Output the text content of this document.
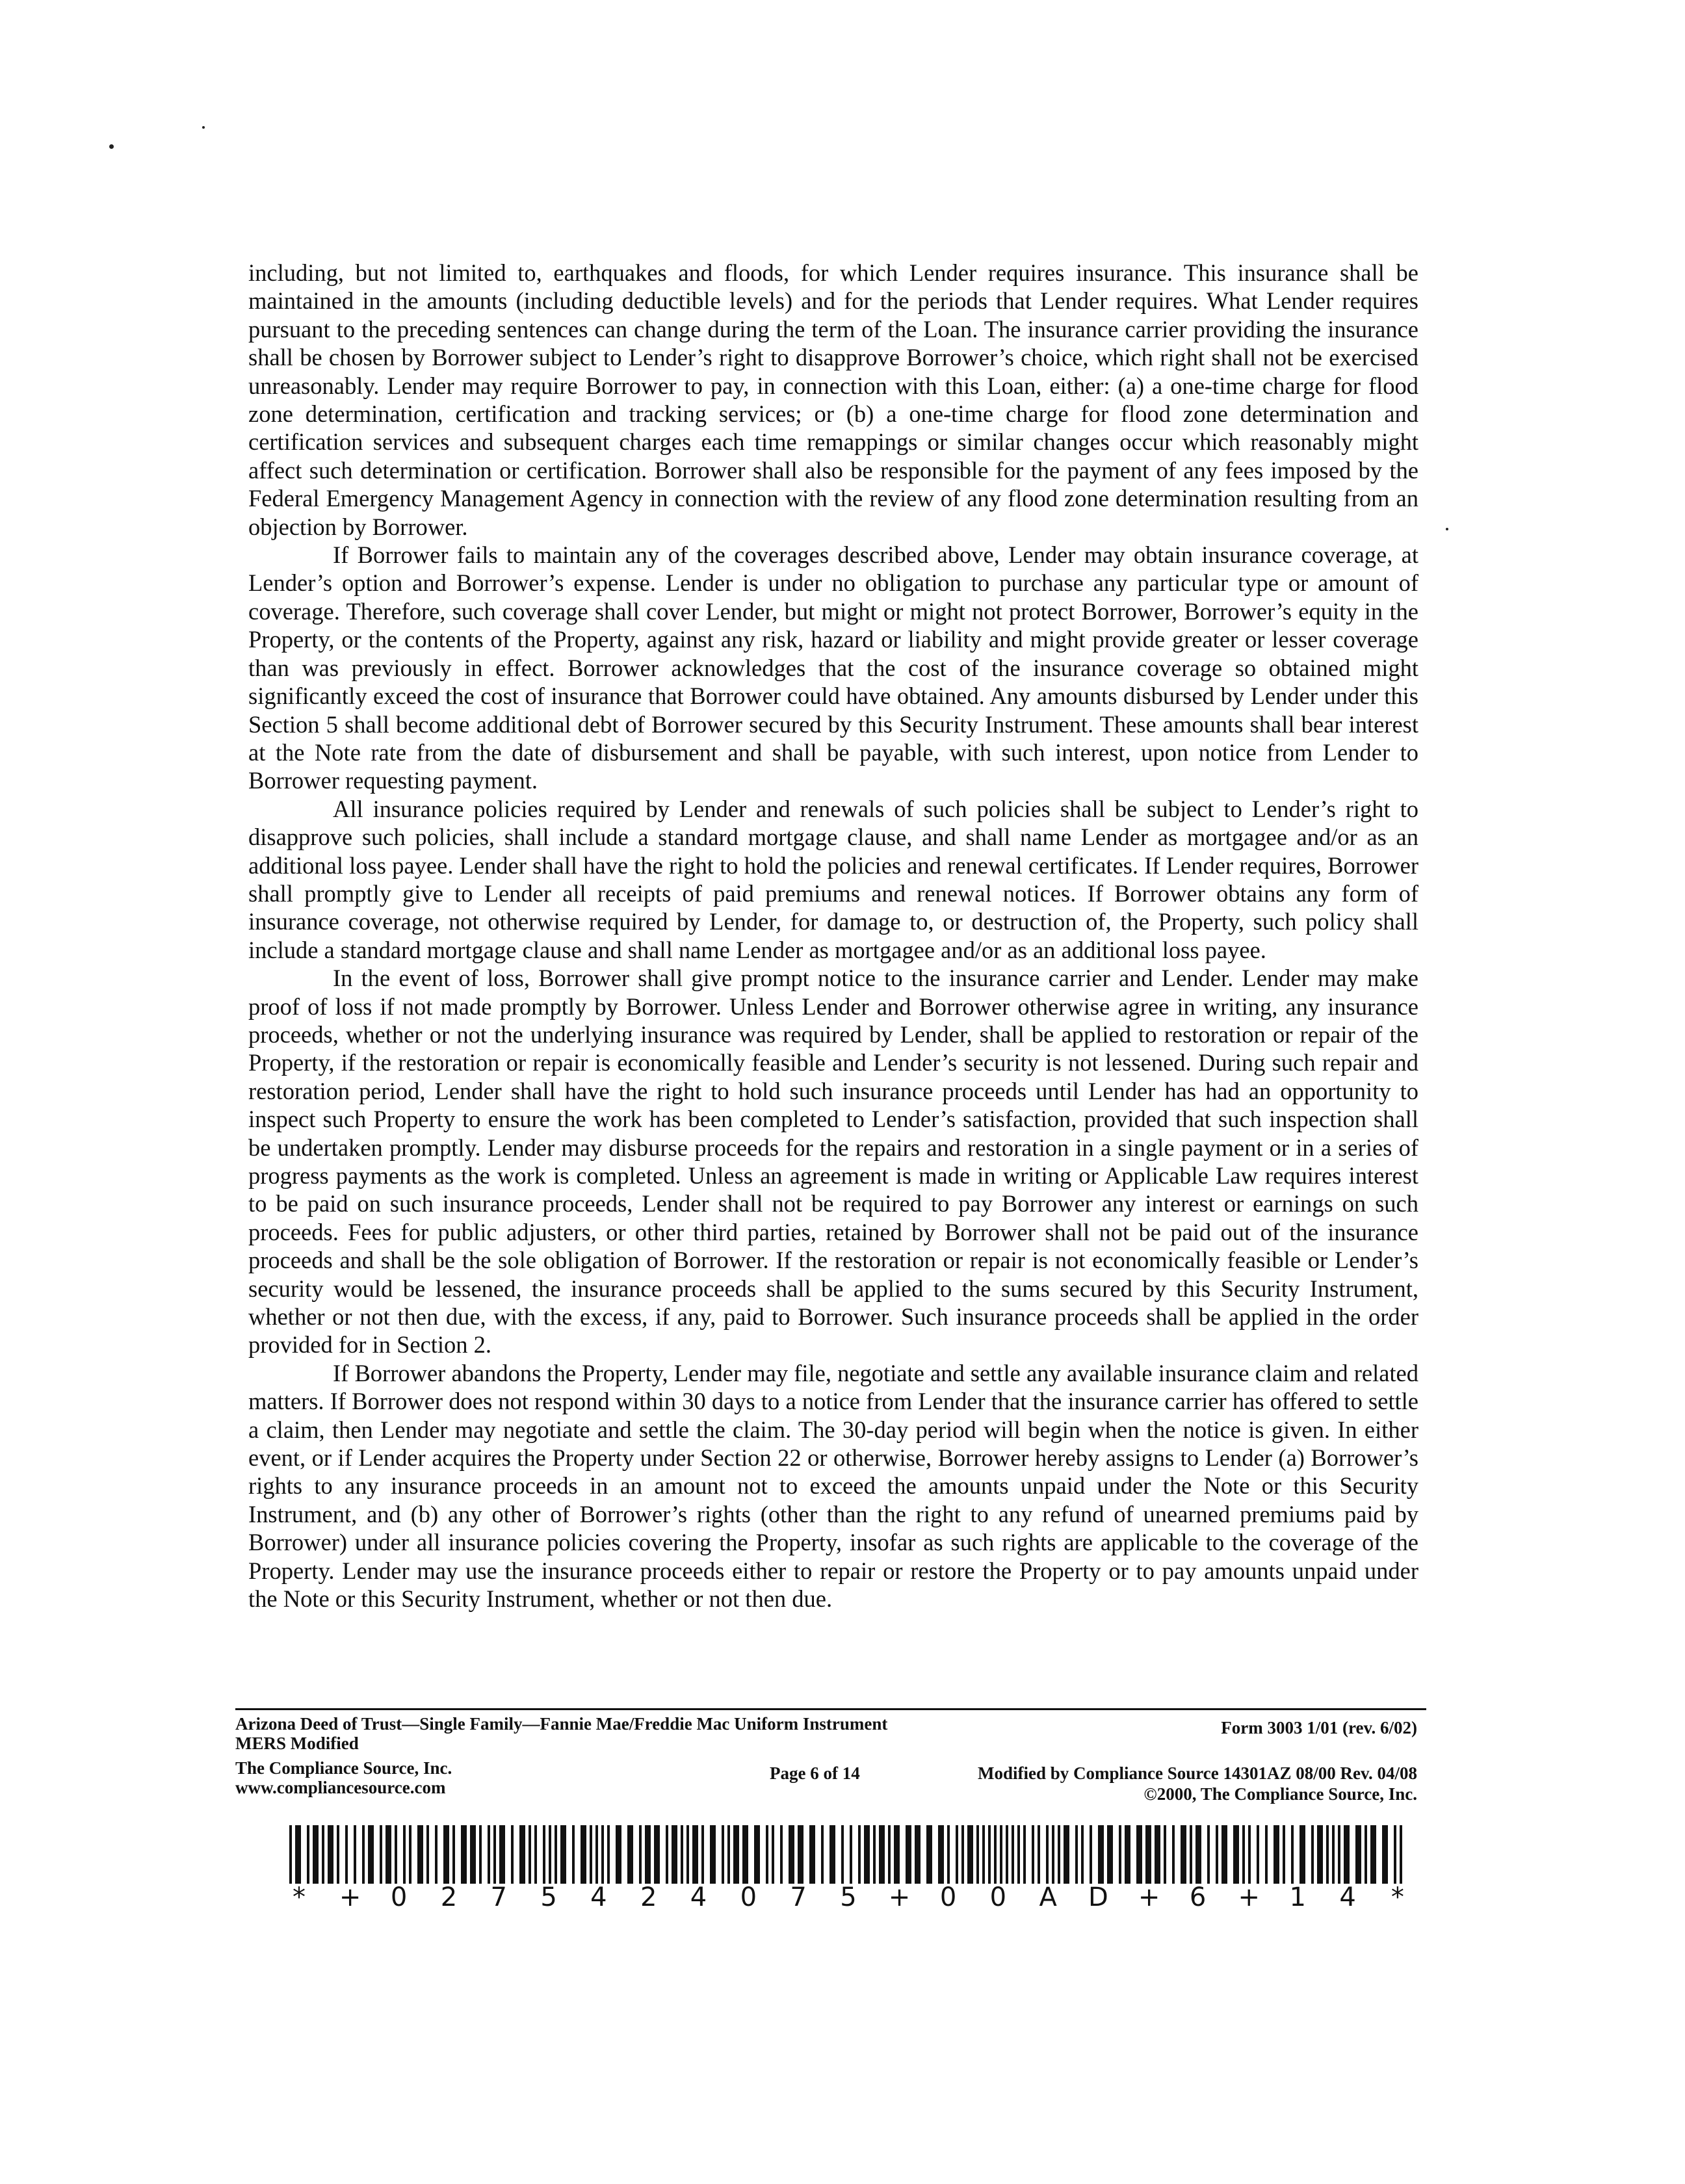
including, but not limited to, earthquakes and floods, for which Lender requires insurance. This insurance shall be maintained in the amounts (including deductible levels) and for the periods that Lender requires. What Lender requires pursuant to the preceding sentences can change during the term of the Loan. The insurance carrier providing the insurance shall be chosen by Borrower subject to Lender’s right to disapprove Borrower’s choice, which right shall not be exercised unreasonably. Lender may require Borrower to pay, in connection with this Loan, either: (a) a one-time charge for flood zone determination, certification and tracking services; or (b) a one-time charge for flood zone determination and certification services and subsequent charges each time remappings or similar changes occur which reasonably might affect such determination or certification. Borrower shall also be responsible for the payment of any fees imposed by the Federal Emergency Management Agency in connection with the review of any flood zone determination resulting from an objection by Borrower.

If Borrower fails to maintain any of the coverages described above, Lender may obtain insurance coverage, at Lender’s option and Borrower’s expense. Lender is under no obligation to purchase any particular type or amount of coverage. Therefore, such coverage shall cover Lender, but might or might not protect Borrower, Borrower’s equity in the Property, or the contents of the Property, against any risk, hazard or liability and might provide greater or lesser coverage than was previously in effect. Borrower acknowledges that the cost of the insurance coverage so obtained might significantly exceed the cost of insurance that Borrower could have obtained. Any amounts disbursed by Lender under this Section 5 shall become additional debt of Borrower secured by this Security Instrument. These amounts shall bear interest at the Note rate from the date of disbursement and shall be payable, with such interest, upon notice from Lender to Borrower requesting payment.

All insurance policies required by Lender and renewals of such policies shall be subject to Lender’s right to disapprove such policies, shall include a standard mortgage clause, and shall name Lender as mortgagee and/or as an additional loss payee. Lender shall have the right to hold the policies and renewal certificates. If Lender requires, Borrower shall promptly give to Lender all receipts of paid premiums and renewal notices. If Borrower obtains any form of insurance coverage, not otherwise required by Lender, for damage to, or destruction of, the Property, such policy shall include a standard mortgage clause and shall name Lender as mortgagee and/or as an additional loss payee.

In the event of loss, Borrower shall give prompt notice to the insurance carrier and Lender. Lender may make proof of loss if not made promptly by Borrower. Unless Lender and Borrower otherwise agree in writing, any insurance proceeds, whether or not the underlying insurance was required by Lender, shall be applied to restoration or repair of the Property, if the restoration or repair is economically feasible and Lender’s security is not lessened. During such repair and restoration period, Lender shall have the right to hold such insurance proceeds until Lender has had an opportunity to inspect such Property to ensure the work has been completed to Lender’s satisfaction, provided that such inspection shall be undertaken promptly. Lender may disburse proceeds for the repairs and restoration in a single payment or in a series of progress payments as the work is completed. Unless an agreement is made in writing or Applicable Law requires interest to be paid on such insurance proceeds, Lender shall not be required to pay Borrower any interest or earnings on such proceeds. Fees for public adjusters, or other third parties, retained by Borrower shall not be paid out of the insurance proceeds and shall be the sole obligation of Borrower. If the restoration or repair is not economically feasible or Lender’s security would be lessened, the insurance proceeds shall be applied to the sums secured by this Security Instrument, whether or not then due, with the excess, if any, paid to Borrower. Such insurance proceeds shall be applied in the order provided for in Section 2.

If Borrower abandons the Property, Lender may file, negotiate and settle any available insurance claim and related matters. If Borrower does not respond within 30 days to a notice from Lender that the insurance carrier has offered to settle a claim, then Lender may negotiate and settle the claim. The 30-day period will begin when the notice is given. In either event, or if Lender acquires the Property under Section 22 or otherwise, Borrower hereby assigns to Lender (a) Borrower’s rights to any insurance proceeds in an amount not to exceed the amounts unpaid under the Note or this Security Instrument, and (b) any other of Borrower’s rights (other than the right to any refund of unearned premiums paid by Borrower) under all insurance policies covering the Property, insofar as such rights are applicable to the coverage of the Property. Lender may use the insurance proceeds either to repair or restore the Property or to pay amounts unpaid under the Note or this Security Instrument, whether or not then due.

Arizona Deed of Trust—Single Family—Fannie Mae/Freddie Mac Uniform Instrument	Form 3003 1/01 (rev. 6/02)
MERS Modified
The Compliance Source, Inc.
www.compliancesource.com
Page 6 of 14	Modified by Compliance Source 14301AZ 08/00 Rev. 04/08
©2000, The Compliance Source, Inc.
* + 0 2 7 5 4 2 4 0 7 5 + 0 0 A D + 6 + 1 4 *
